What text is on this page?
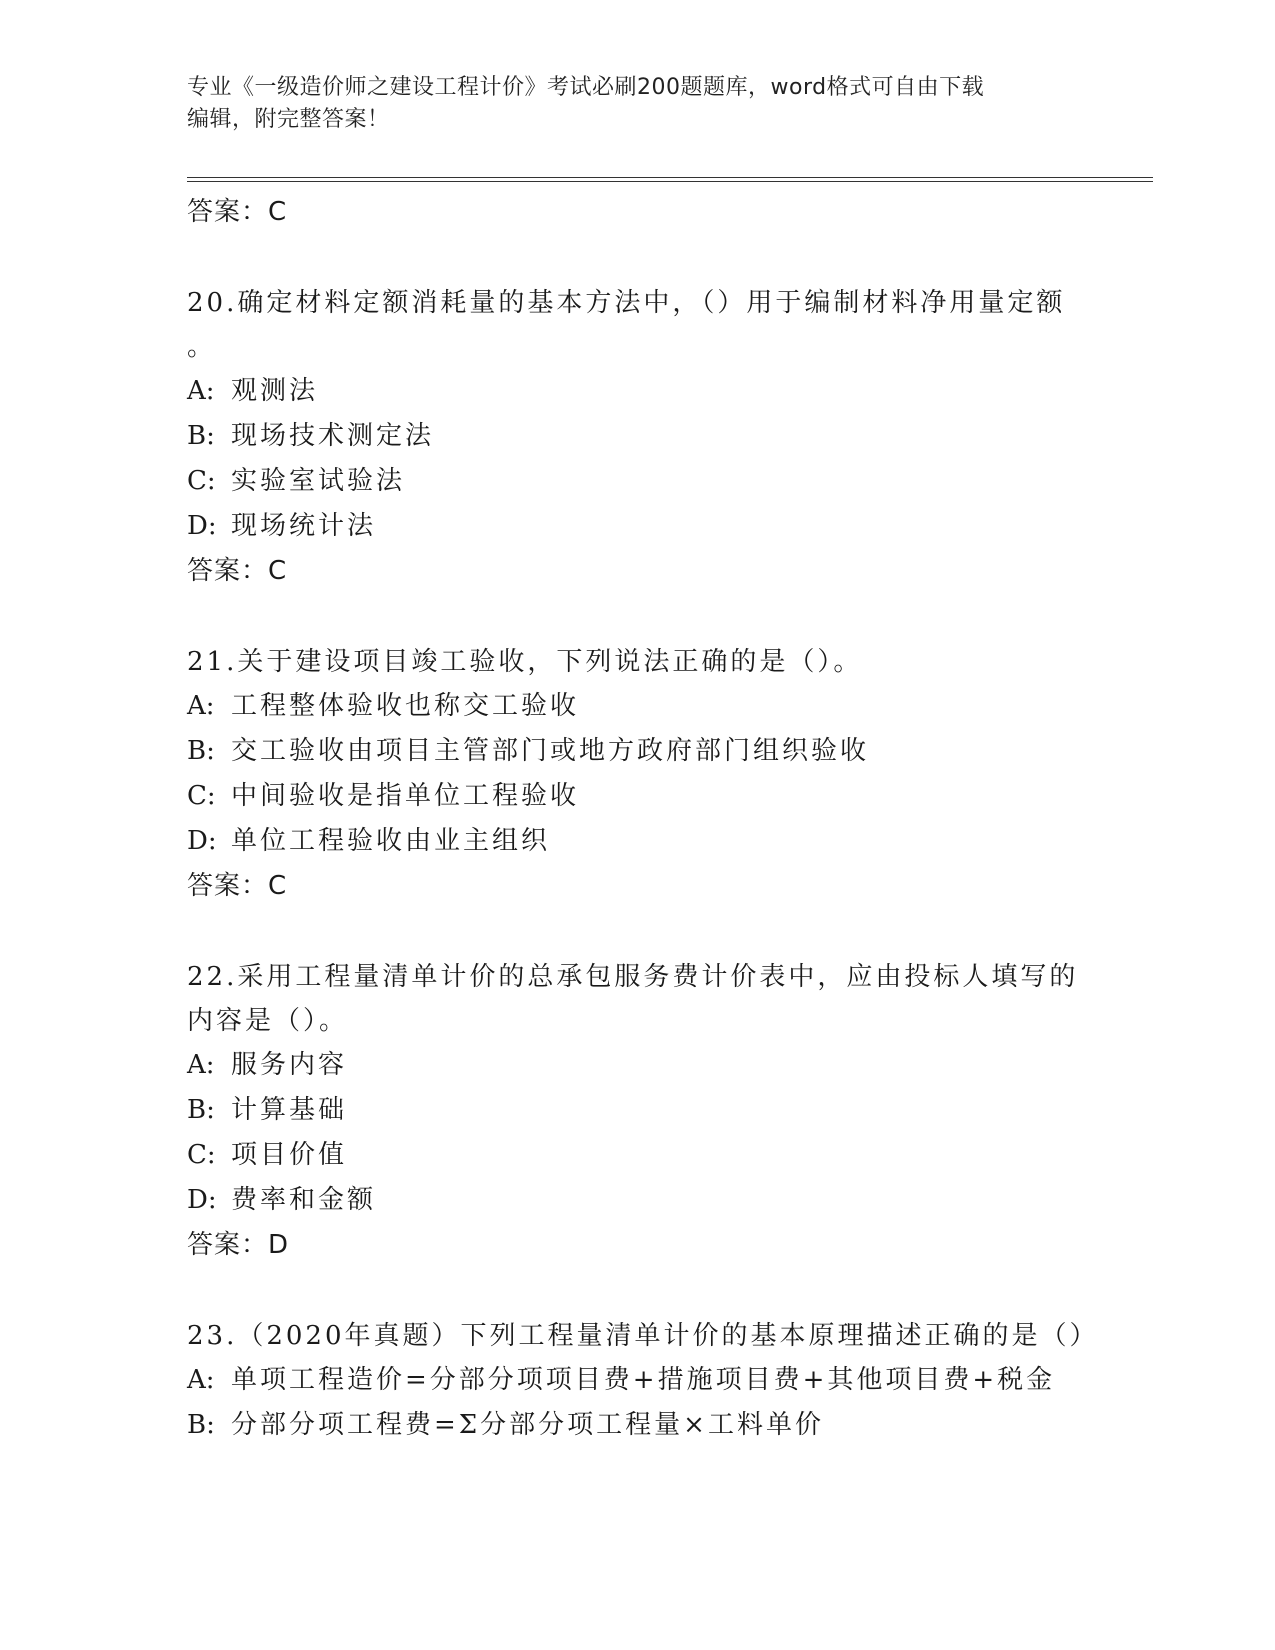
专业《一级造价师之建设工程计价》考试必刷200题题库，word格式可自由下载
编辑，附完整答案！
答案：C
20.确定材料定额消耗量的基本方法中，（）用于编制材料净用量定额
。
A: 观测法
B: 现场技术测定法
C: 实验室试验法
D: 现场统计法
答案：C
21.关于建设项目竣工验收，下列说法正确的是（）。
A: 工程整体验收也称交工验收
B: 交工验收由项目主管部门或地方政府部门组织验收
C: 中间验收是指单位工程验收
D: 单位工程验收由业主组织
答案：C
22.采用工程量清单计价的总承包服务费计价表中，应由投标人填写的
内容是（）。
A: 服务内容
B: 计算基础
C: 项目价值
D: 费率和金额
答案：D
23.（2020年真题）下列工程量清单计价的基本原理描述正确的是（）
A: 单项工程造价=分部分项项目费+措施项目费+其他项目费+税金
B: 分部分项工程费=Σ分部分项工程量×工料单价
